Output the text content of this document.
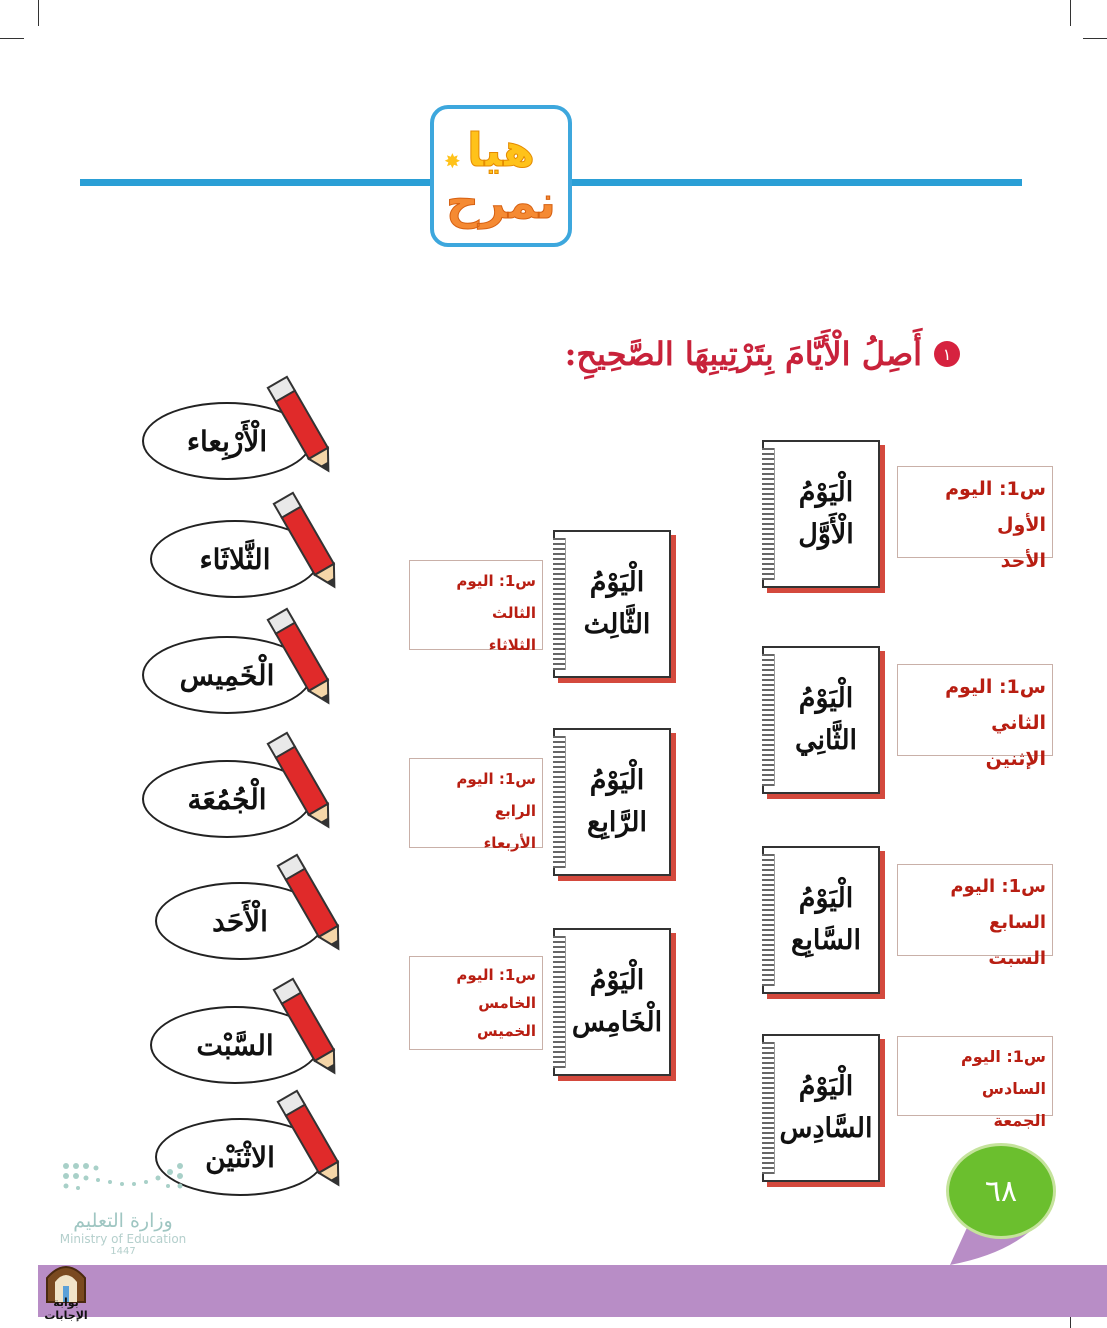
✸ هيا
نمرح
١
أَصِلُ الْأَيَّامَ بِتَرْتِيبِهَا الصَّحِيحِ:
الْأَرْبِعاء
الثَّلاثَاء
الْخَمِيس
الْجُمُعَة
الْأَحَد
السَّبْت
الاثْنَيْن
الْيَوْمُ
الْأَوَّل
الْيَوْمُ
الثَّانِي
الْيَوْمُ
السَّابِع
الْيَوْمُ
السَّادِس
الْيَوْمُ
الثَّالِث
الْيَوْمُ
الرَّابِع
الْيَوْمُ
الْخَامِس
س1: اليوم الأول
الأحد
س1: اليوم الثاني
الإثنين
س1: اليوم السابع
السبت
س1: اليوم السادس
الجمعة
س1: اليوم الثالث
الثلاثاء
س1: اليوم الرابع
الأربعاء
س1: اليوم
الخامس
الخميس
٦٨
وزارة التعليم
Ministry of Education
1447
بوابة الإجابات
